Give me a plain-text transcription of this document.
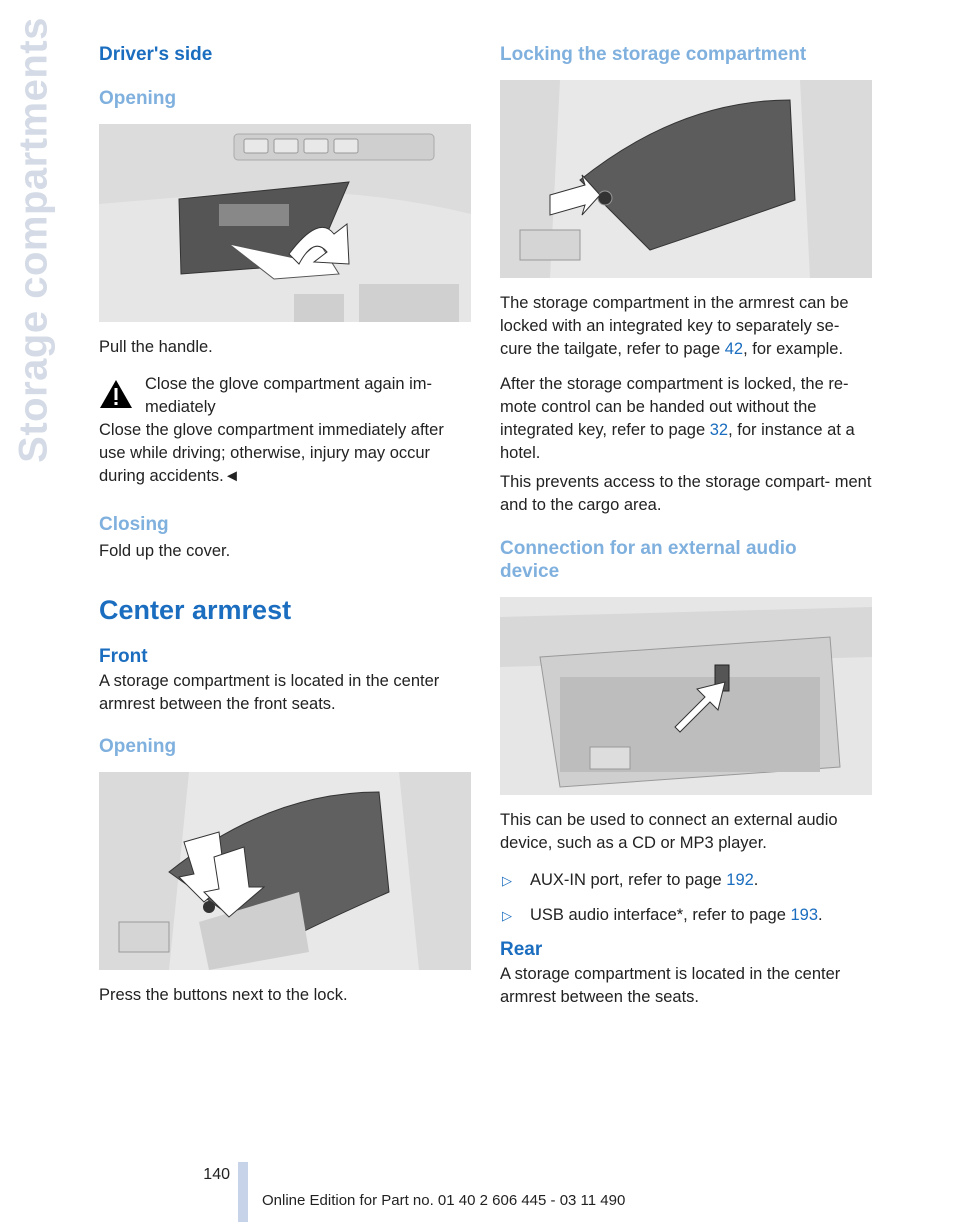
Storage compartments Driver's side
Opening

Pull the handle.

Close the glove compartment again im-
mediately

Close the glove compartment immediately after use while driving; otherwise, injury may occur during accidents.◄

Closing

Fold up the cover.

Center armrest
Front

A storage compartment is located in the center armrest between the front seats.

Opening

Press the buttons next to the lock.

Locking the storage compartment

The storage compartment in the armrest can be locked with an integrated key to separately se- cure the tailgate, refer to page 42, for example.

After the storage compartment is locked, the re- mote control can be handed out without the integrated key, refer to page 32, for instance at a hotel.

This prevents access to the storage compart- ment and to the cargo area.

Connection for an external audio
device

This can be used to connect an external audio device, such as a CD or MP3 player.

▷ AUX-IN port, refer to page 192.
▷ USB audio interface*, refer to page 193.
Rear

A storage compartment is located in the center armrest between the seats.

140
Online Edition for Part no. 01 40 2 606 445 - 03 11 490
